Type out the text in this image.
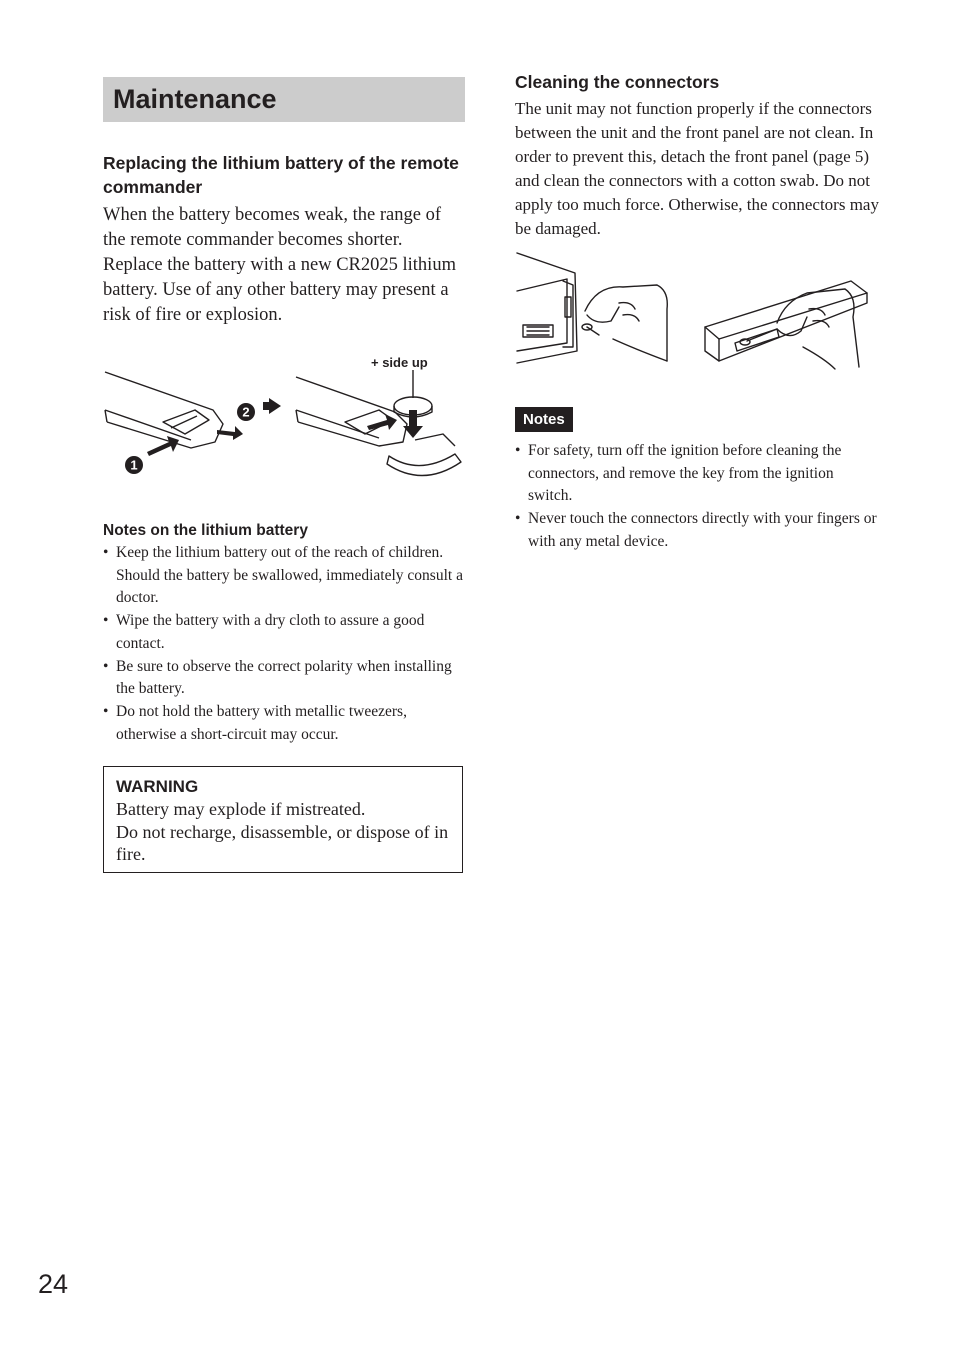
Maintenance
Replacing the lithium battery of the remote commander

When the battery becomes weak, the range of the remote commander becomes shorter. Replace the battery with a new CR2025 lithium battery. Use of any other battery may present a risk of fire or explosion.

1
2
+ side up
Notes on the lithium battery
• Keep the lithium battery out of the reach of children. Should the battery be swallowed, immediately consult a doctor.
• Wipe the battery with a dry cloth to assure a good contact.
• Be sure to observe the correct polarity when installing the battery.
• Do not hold the battery with metallic tweezers, otherwise a short-circuit may occur.
WARNING
Battery may explode if mistreated.
Do not recharge, disassemble, or dispose of in fire.
Cleaning the connectors

The unit may not function properly if the connectors between the unit and the front panel are not clean. In order to prevent this, detach the front panel (page 5) and clean the connectors with a cotton swab. Do not apply too much force. Otherwise, the connectors may be damaged.

Notes
• For safety, turn off the ignition before cleaning the connectors, and remove the key from the ignition switch.
• Never touch the connectors directly with your fingers or with any metal device.
24
